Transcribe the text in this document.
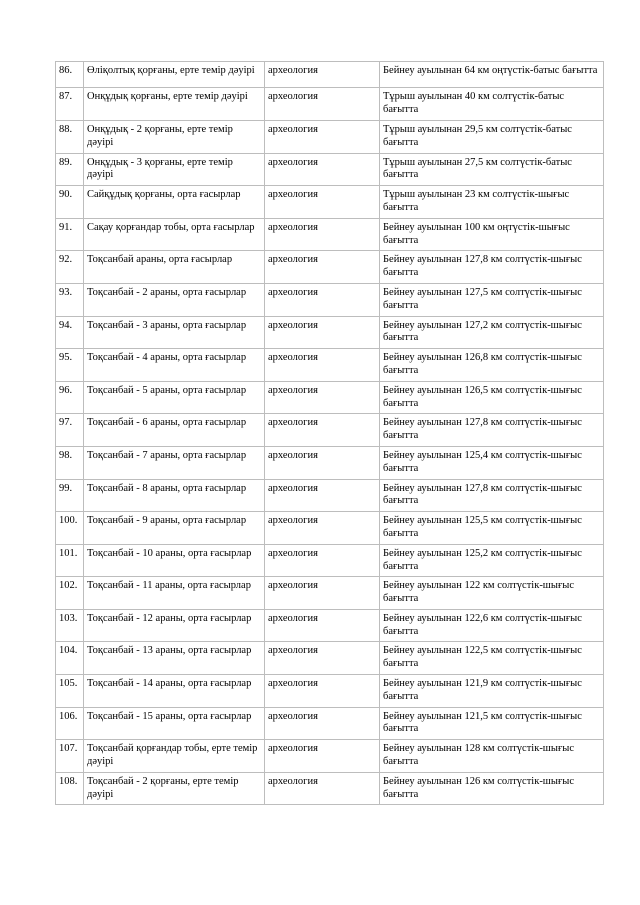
86.	Өліқолтық қорғаны, ерте темір дәуірі	археология	Бейнеу ауылынан 64 км оңтүстік-батыс бағытта
87.	Онқұдық қорғаны, ерте темір дәуірі	археология	Тұрыш ауылынан 40 км солтүстік-батыс бағытта
88.	Онқұдық - 2 қорғаны, ерте темір дәуірі	археология	Тұрыш ауылынан 29,5 км солтүстік-батыс бағытта
89.	Онқұдық - 3 қорғаны, ерте темір дәуірі	археология	Тұрыш ауылынан 27,5 км солтүстік-батыс бағытта
90.	Сайқұдық қорғаны, орта ғасырлар	археология	Тұрыш ауылынан 23 км солтүстік-шығыс бағытта
91.	Сақау қорғандар тобы, орта ғасырлар	археология	Бейнеу ауылынан 100 км оңтүстік-шығыс бағытта
92.	Тоқсанбай араны, орта ғасырлар	археология	Бейнеу ауылынан 127,8 км солтүстік-шығыс бағытта
93.	Тоқсанбай - 2 араны, орта ғасырлар	археология	Бейнеу ауылынан 127,5 км солтүстік-шығыс бағытта
94.	Тоқсанбай - 3 араны, орта ғасырлар	археология	Бейнеу ауылынан 127,2 км солтүстік-шығыс бағытта
95.	Тоқсанбай - 4 араны, орта ғасырлар	археология	Бейнеу ауылынан 126,8 км солтүстік-шығыс бағытта
96.	Тоқсанбай - 5 араны, орта ғасырлар	археология	Бейнеу ауылынан 126,5 км солтүстік-шығыс бағытта
97.	Тоқсанбай - 6 араны, орта ғасырлар	археология	Бейнеу ауылынан 127,8 км солтүстік-шығыс бағытта
98.	Тоқсанбай - 7 араны, орта ғасырлар	археология	Бейнеу ауылынан 125,4 км солтүстік-шығыс бағытта
99.	Тоқсанбай - 8 араны, орта ғасырлар	археология	Бейнеу ауылынан 127,8 км солтүстік-шығыс бағытта
100.	Тоқсанбай - 9 араны, орта ғасырлар	археология	Бейнеу ауылынан 125,5 км солтүстік-шығыс бағытта
101.	Тоқсанбай - 10 араны, орта ғасырлар	археология	Бейнеу ауылынан 125,2 км солтүстік-шығыс бағытта
102.	Тоқсанбай - 11 араны, орта ғасырлар	археология	Бейнеу ауылынан 122 км солтүстік-шығыс бағытта
103.	Тоқсанбай - 12 араны, орта ғасырлар	археология	Бейнеу ауылынан 122,6 км солтүстік-шығыс бағытта
104.	Тоқсанбай - 13 араны, орта ғасырлар	археология	Бейнеу ауылынан 122,5 км солтүстік-шығыс бағытта
105.	Тоқсанбай - 14 араны, орта ғасырлар	археология	Бейнеу ауылынан 121,9 км солтүстік-шығыс бағытта
106.	Тоқсанбай - 15 араны, орта ғасырлар	археология	Бейнеу ауылынан 121,5 км солтүстік-шығыс бағытта
107.	Тоқсанбай қорғандар тобы, ерте темір дәуірі	археология	Бейнеу ауылынан 128 км солтүстік-шығыс бағытта
108.	Тоқсанбай - 2 қорғаны, ерте темір дәуірі	археология	Бейнеу ауылынан 126 км солтүстік-шығыс бағытта
